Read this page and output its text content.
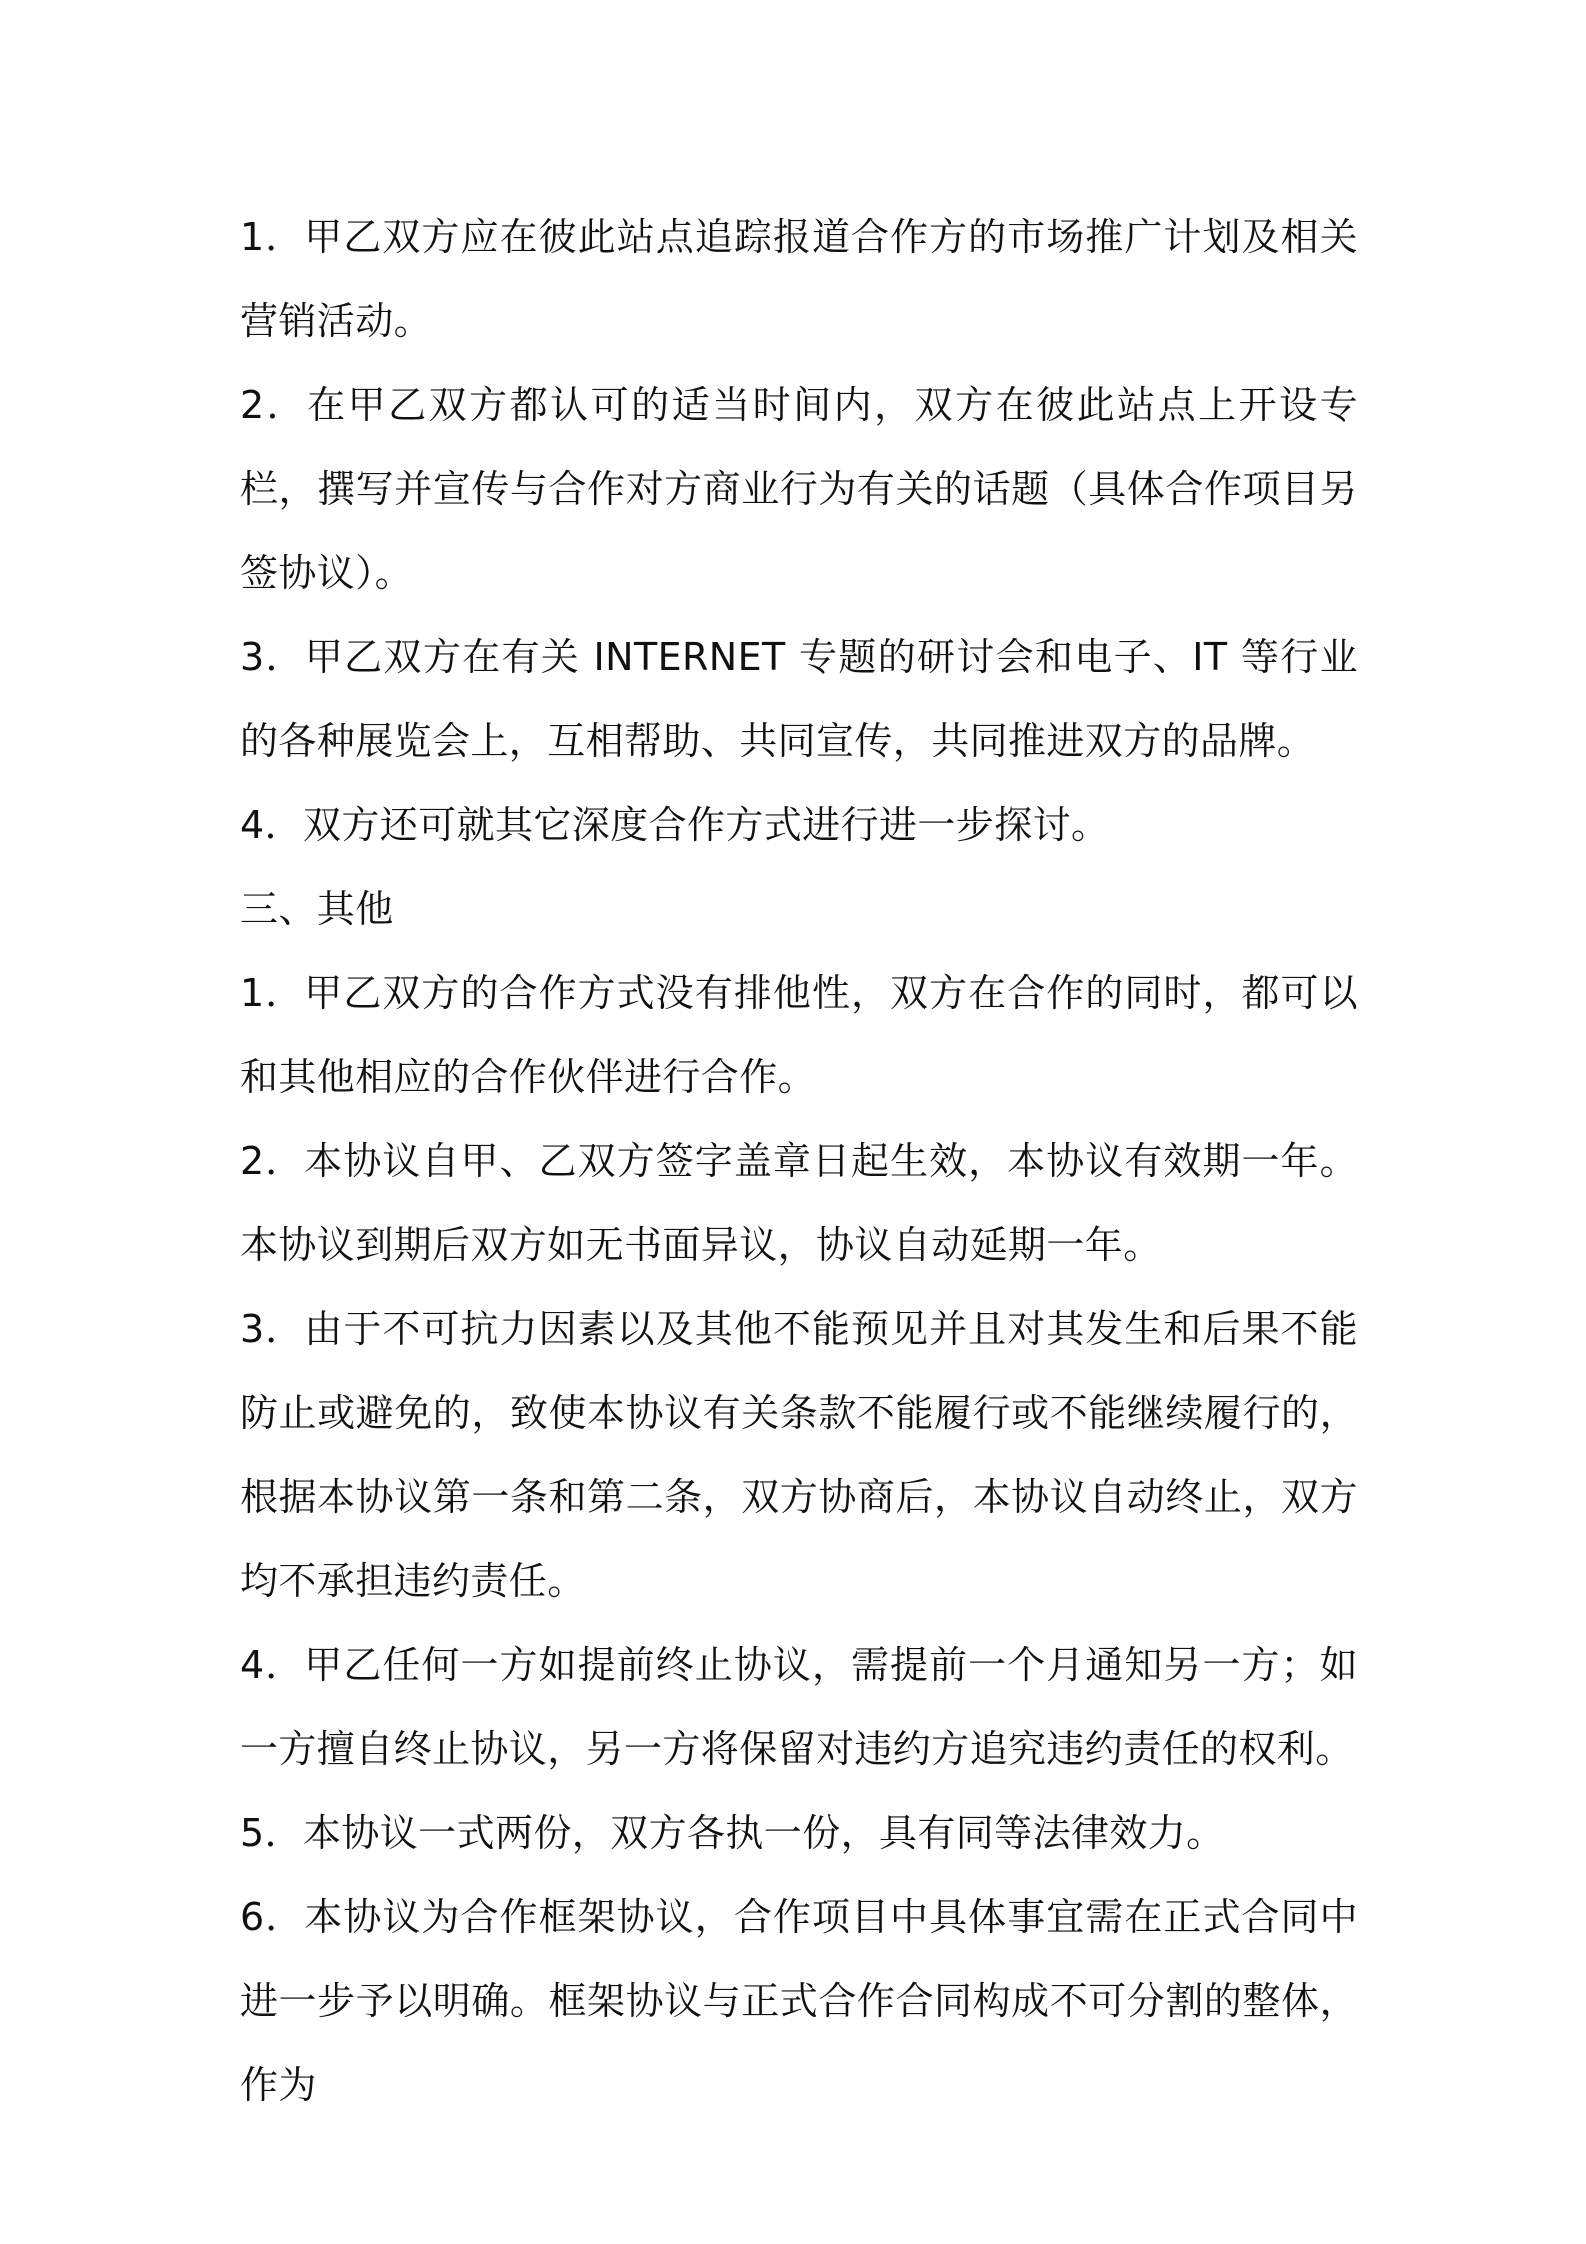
1．甲乙双方应在彼此站点追踪报道合作方的市场推广计划及相关营销活动。

2．在甲乙双方都认可的适当时间内，双方在彼此站点上开设专栏，撰写并宣传与合作对方商业行为有关的话题（具体合作项目另签协议）。

3．甲乙双方在有关 INTERNET 专题的研讨会和电子、IT 等行业的各种展览会上，互相帮助、共同宣传，共同推进双方的品牌。

4．双方还可就其它深度合作方式进行进一步探讨。

三、其他

1．甲乙双方的合作方式没有排他性，双方在合作的同时，都可以和其他相应的合作伙伴进行合作。

2．本协议自甲、乙双方签字盖章日起生效，本协议有效期一年。本协议到期后双方如无书面异议，协议自动延期一年。

3．由于不可抗力因素以及其他不能预见并且对其发生和后果不能防止或避免的，致使本协议有关条款不能履行或不能继续履行的，根据本协议第一条和第二条，双方协商后，本协议自动终止，双方均不承担违约责任。

4．甲乙任何一方如提前终止协议，需提前一个月通知另一方；如一方擅自终止协议，另一方将保留对违约方追究违约责任的权利。

5．本协议一式两份，双方各执一份，具有同等法律效力。

6．本协议为合作框架协议，合作项目中具体事宜需在正式合同中进一步予以明确。框架协议与正式合作合同构成不可分割的整体，作为
